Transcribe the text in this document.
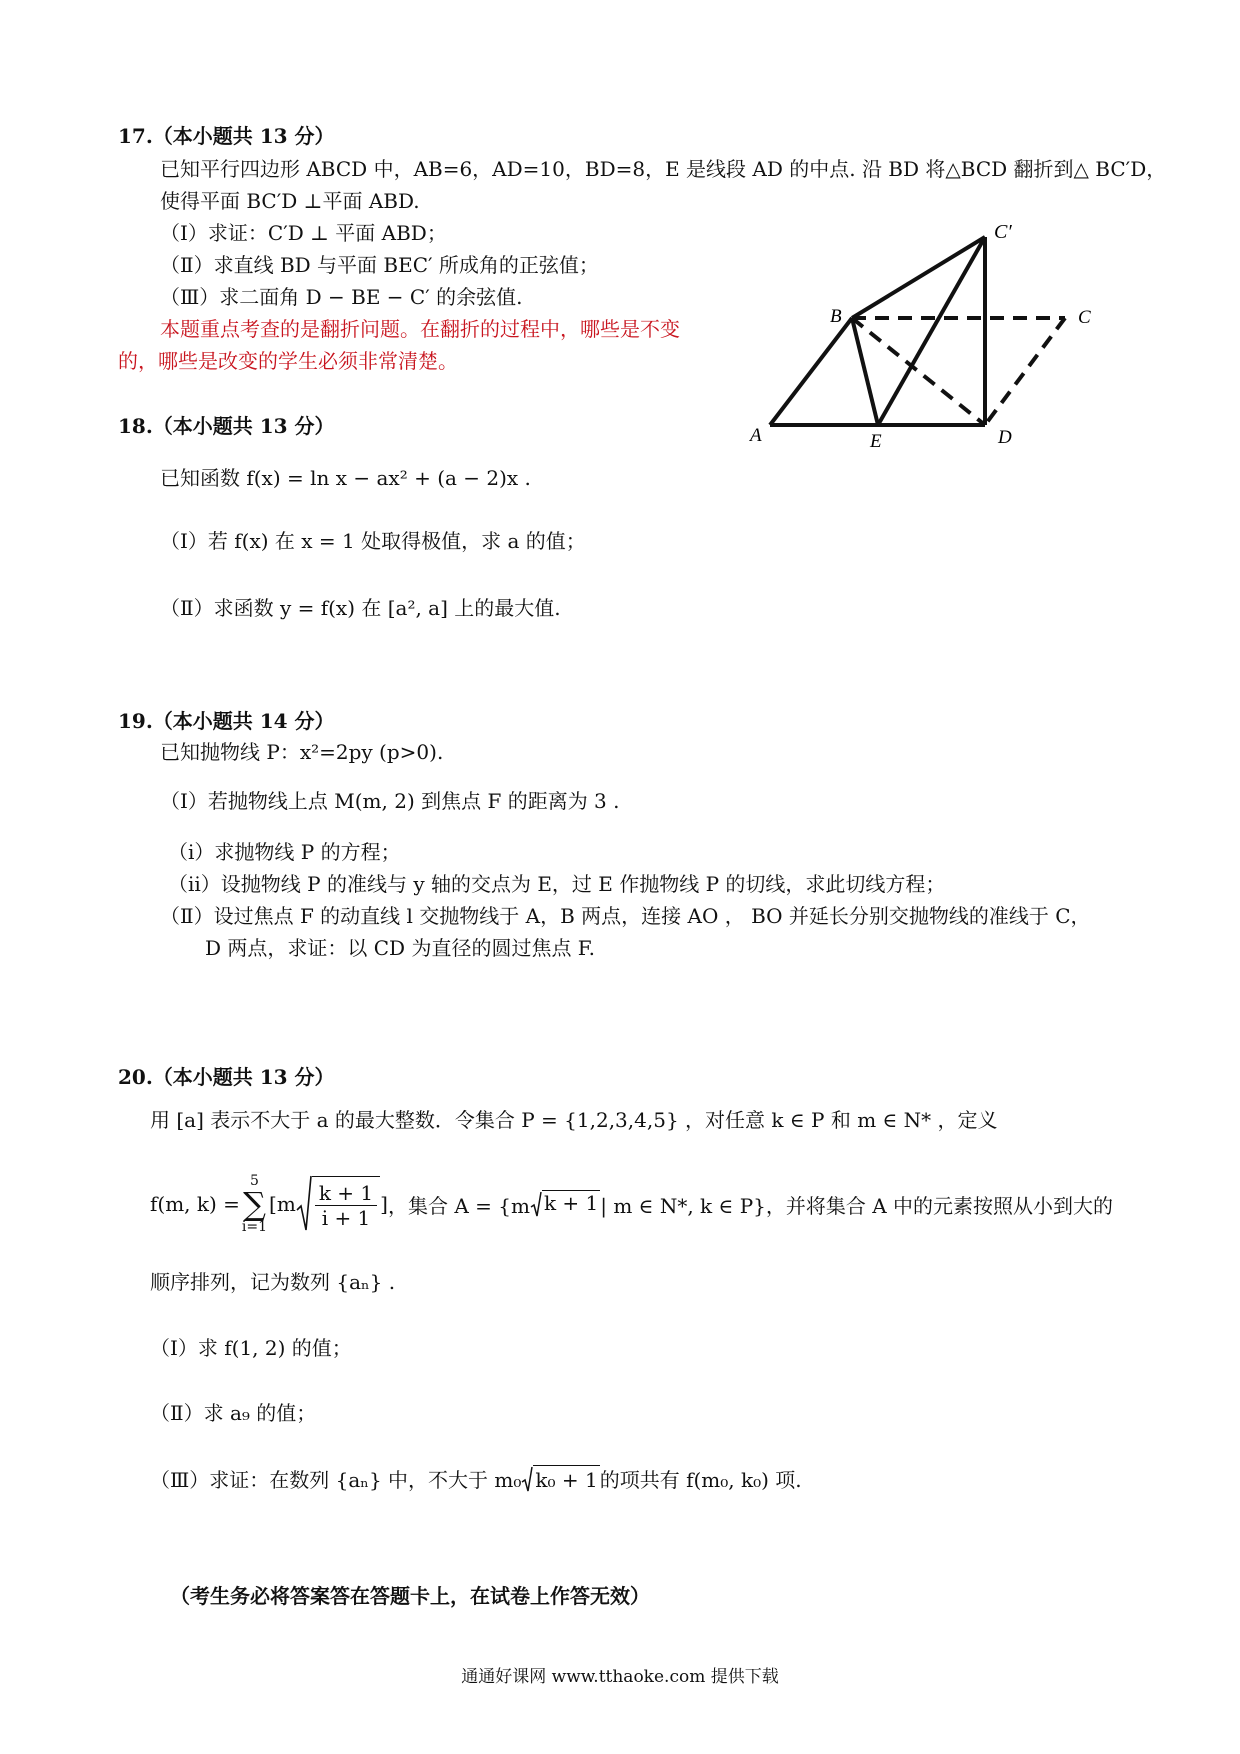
17.（本小题共 13 分）
已知平行四边形 ABCD 中，AB=6，AD=10，BD=8，E 是线段 AD 的中点. 沿 BD 将△BCD 翻折到△ BC′D，
使得平面 BC′D ⊥平面 ABD.
（Ⅰ）求证：C′D ⊥ 平面 ABD；
（Ⅱ）求直线 BD 与平面 BEC′ 所成角的正弦值；
（Ⅲ）求二面角 D − BE − C′ 的余弦值.
本题重点考查的是翻折问题。在翻折的过程中，哪些是不变
的，哪些是改变的学生必须非常清楚。
A
B	C
C′
D
E
18.（本小题共 13 分）
已知函数 f(x) = ln x − ax² + (a − 2)x .
（Ⅰ）若 f(x) 在 x = 1 处取得极值，求 a 的值；
（Ⅱ）求函数 y = f(x) 在 [a², a] 上的最大值.
19.（本小题共 14 分）
已知抛物线 P：x²=2py (p>0).
（Ⅰ）若抛物线上点 M(m, 2) 到焦点 F 的距离为 3 .
（ⅰ）求抛物线 P 的方程；
（ⅱ）设抛物线 P 的准线与 y 轴的交点为 E，过 E 作抛物线 P 的切线，求此切线方程；
（Ⅱ）设过焦点 F 的动直线 l 交抛物线于 A，B 两点，连接 AO ， BO 并延长分别交抛物线的准线于 C，
D 两点，求证：以 CD 为直径的圆过焦点 F.
20.（本小题共 13 分）
用 [a] 表示不大于 a 的最大整数．令集合 P = {1,2,3,4,5} ，对任意 k ∈ P 和 m ∈ N* ，定义
f(m, k) =
5
∑
i=1
[$m \frac{k + 1}{i + 1}$ ] ，集合 A = {m k + 1 | m ∈ N*, k ∈ P}，并将集合 A 中的元素按照从小到大的
顺序排列，记为数列 {aₙ} .
（Ⅰ）求 f(1, 2) 的值；
（Ⅱ）求 a₉ 的值；
（Ⅲ）求证：在数列 {aₙ} 中，不大于 m₀ k₀ + 1 的项共有 f(m₀, k₀) 项.
（考生务必将答案答在答题卡上，在试卷上作答无效）
通通好课网 www.tthaoke.com 提供下载
